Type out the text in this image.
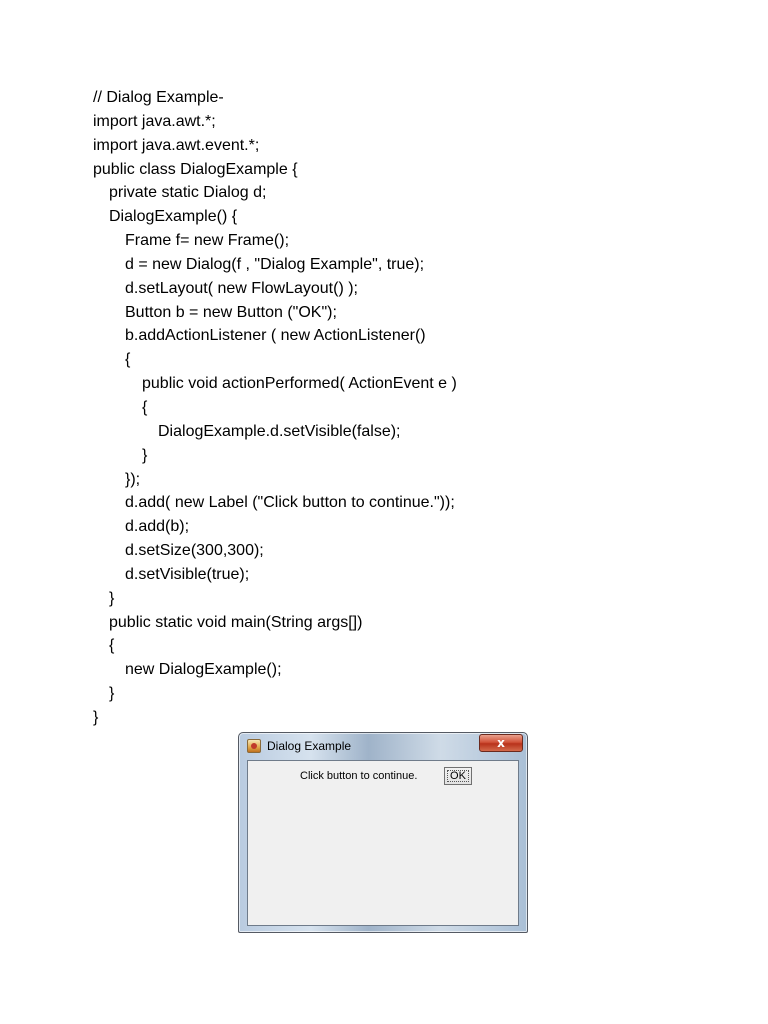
// Dialog Example-
import java.awt.*;
import java.awt.event.*;
public class DialogExample {
private static Dialog d;
DialogExample() {
Frame f= new Frame();
d = new Dialog(f , "Dialog Example", true);
d.setLayout( new FlowLayout() );
Button b = new Button ("OK");
b.addActionListener ( new ActionListener()
{
public void actionPerformed( ActionEvent e )
{
DialogExample.d.setVisible(false);
}
});
d.add( new Label ("Click button to continue."));
d.add(b);
d.setSize(300,300);
d.setVisible(true);
}
public static void main(String args[])
{
new DialogExample();
}
}
Dialog Example	x
Click button to continue.	OK
